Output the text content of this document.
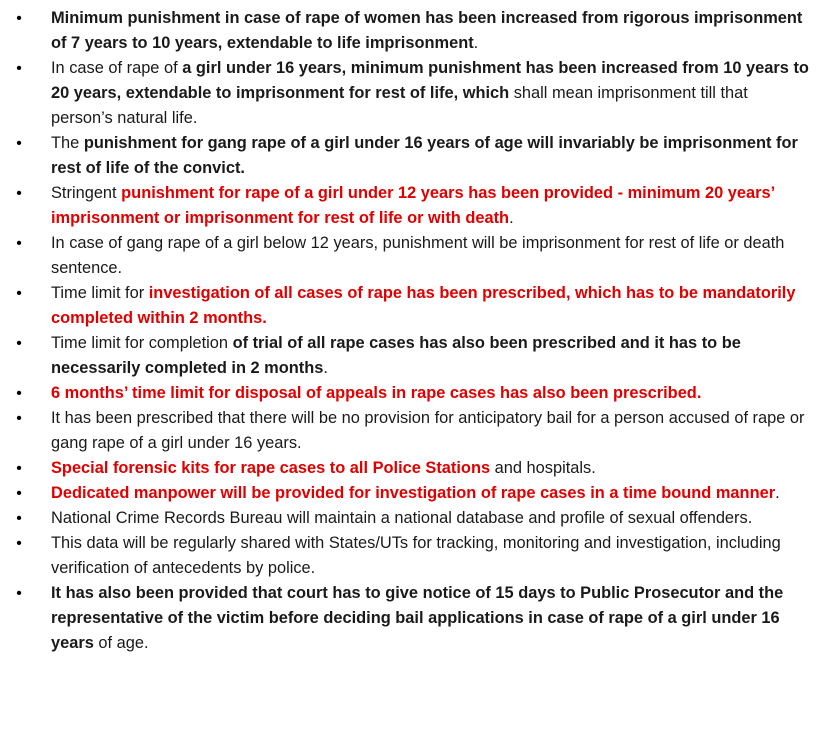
•	Minimum punishment in case of rape of women has been increased from rigorous imprisonment of 7 years to 10 years, extendable to life imprisonment.
•	In case of rape of a girl under 16 years, minimum punishment has been increased from 10 years to 20 years, extendable to imprisonment for rest of life, which shall mean imprisonment till that person’s natural life.
•	The punishment for gang rape of a girl under 16 years of age will invariably be imprisonment for rest of life of the convict.
•	Stringent punishment for rape of a girl under 12 years has been provided - minimum 20 years’ imprisonment or imprisonment for rest of life or with death.
•	In case of gang rape of a girl below 12 years, punishment will be imprisonment for rest of life or death sentence.
•	Time limit for investigation of all cases of rape has been prescribed, which has to be mandatorily completed within 2 months.
•	Time limit for completion of trial of all rape cases has also been prescribed and it has to be necessarily completed in 2 months.
•	6 months’ time limit for disposal of appeals in rape cases has also been prescribed.
•	It has been prescribed that there will be no provision for anticipatory bail for a person accused of rape or gang rape of a girl under 16 years.
•	Special forensic kits for rape cases to all Police Stations and hospitals.
•	Dedicated manpower will be provided for investigation of rape cases in a time bound manner.
•	National Crime Records Bureau will maintain a national database and profile of sexual offenders.
•	This data will be regularly shared with States/UTs for tracking, monitoring and investigation, including verification of antecedents by police.
•	It has also been provided that court has to give notice of 15 days to Public Prosecutor and the representative of the victim before deciding bail applications in case of rape of a girl under 16 years of age.
